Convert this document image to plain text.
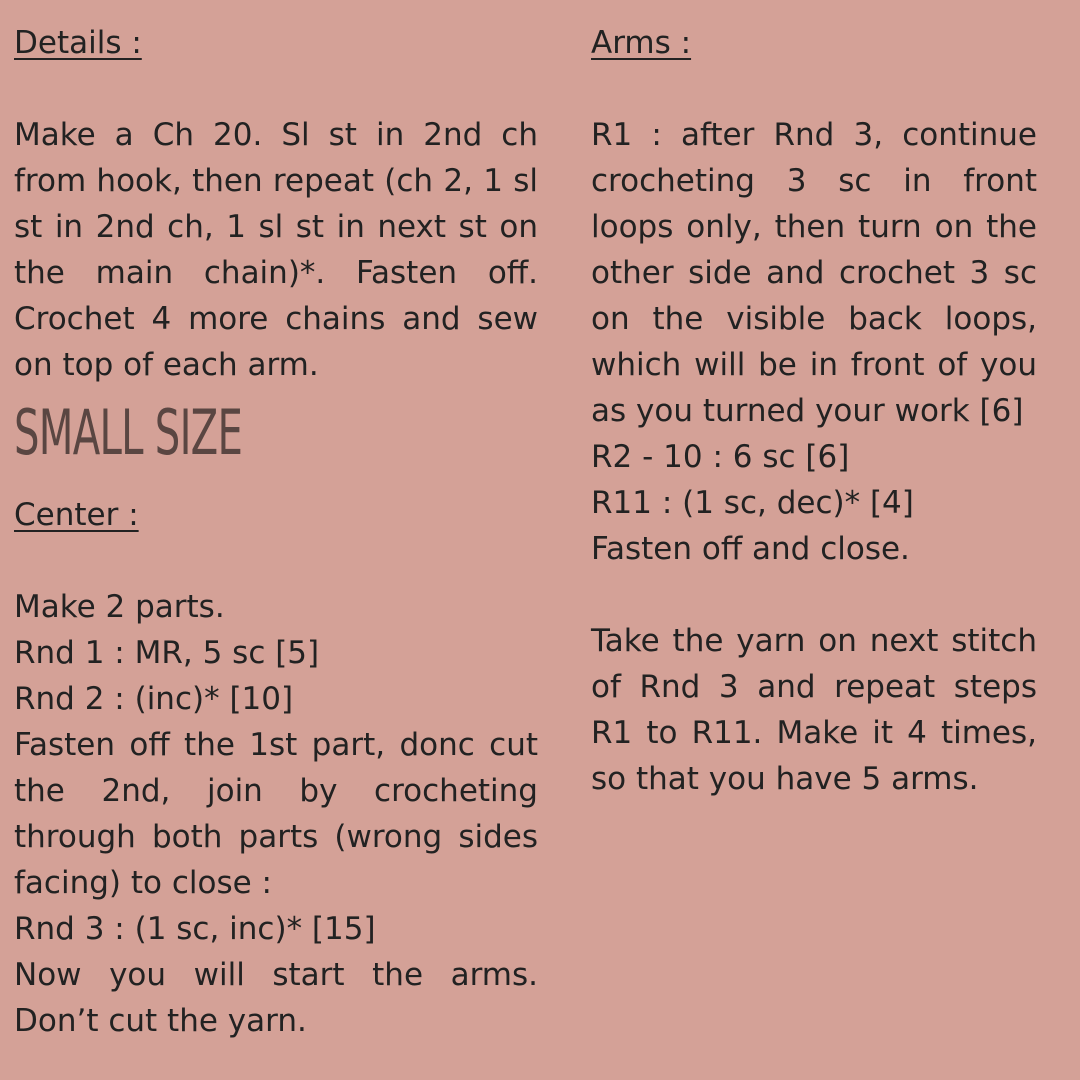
Details :

Make a Ch 20. Sl st in 2nd ch from hook, then repeat (ch 2, 1 sl st in 2nd ch, 1 sl st in next st on the main chain)*. Fasten off. Crochet 4 more chains and sew on top of each arm.

SMALL SIZE

Center :

Make 2 parts.

Rnd 1 : MR, 5 sc [5]

Rnd 2 : (inc)* [10]

Fasten off the 1st part, donc cut the 2nd, join by crocheting through both parts (wrong sides facing) to close :

Rnd 3 : (1 sc, inc)* [15]

Now you will start the arms. Don’t cut the yarn.

Arms :

R1 : after Rnd 3, continue crocheting 3 sc in front loops only, then turn on the other side and crochet 3 sc on the visible back loops, which will be in front of you as you turned your work [6]

R2 - 10 : 6 sc [6]

R11 : (1 sc, dec)* [4]

Fasten off and close.

Take the yarn on next stitch of Rnd 3 and repeat steps R1 to R11. Make it 4 times, so that you have 5 arms.
